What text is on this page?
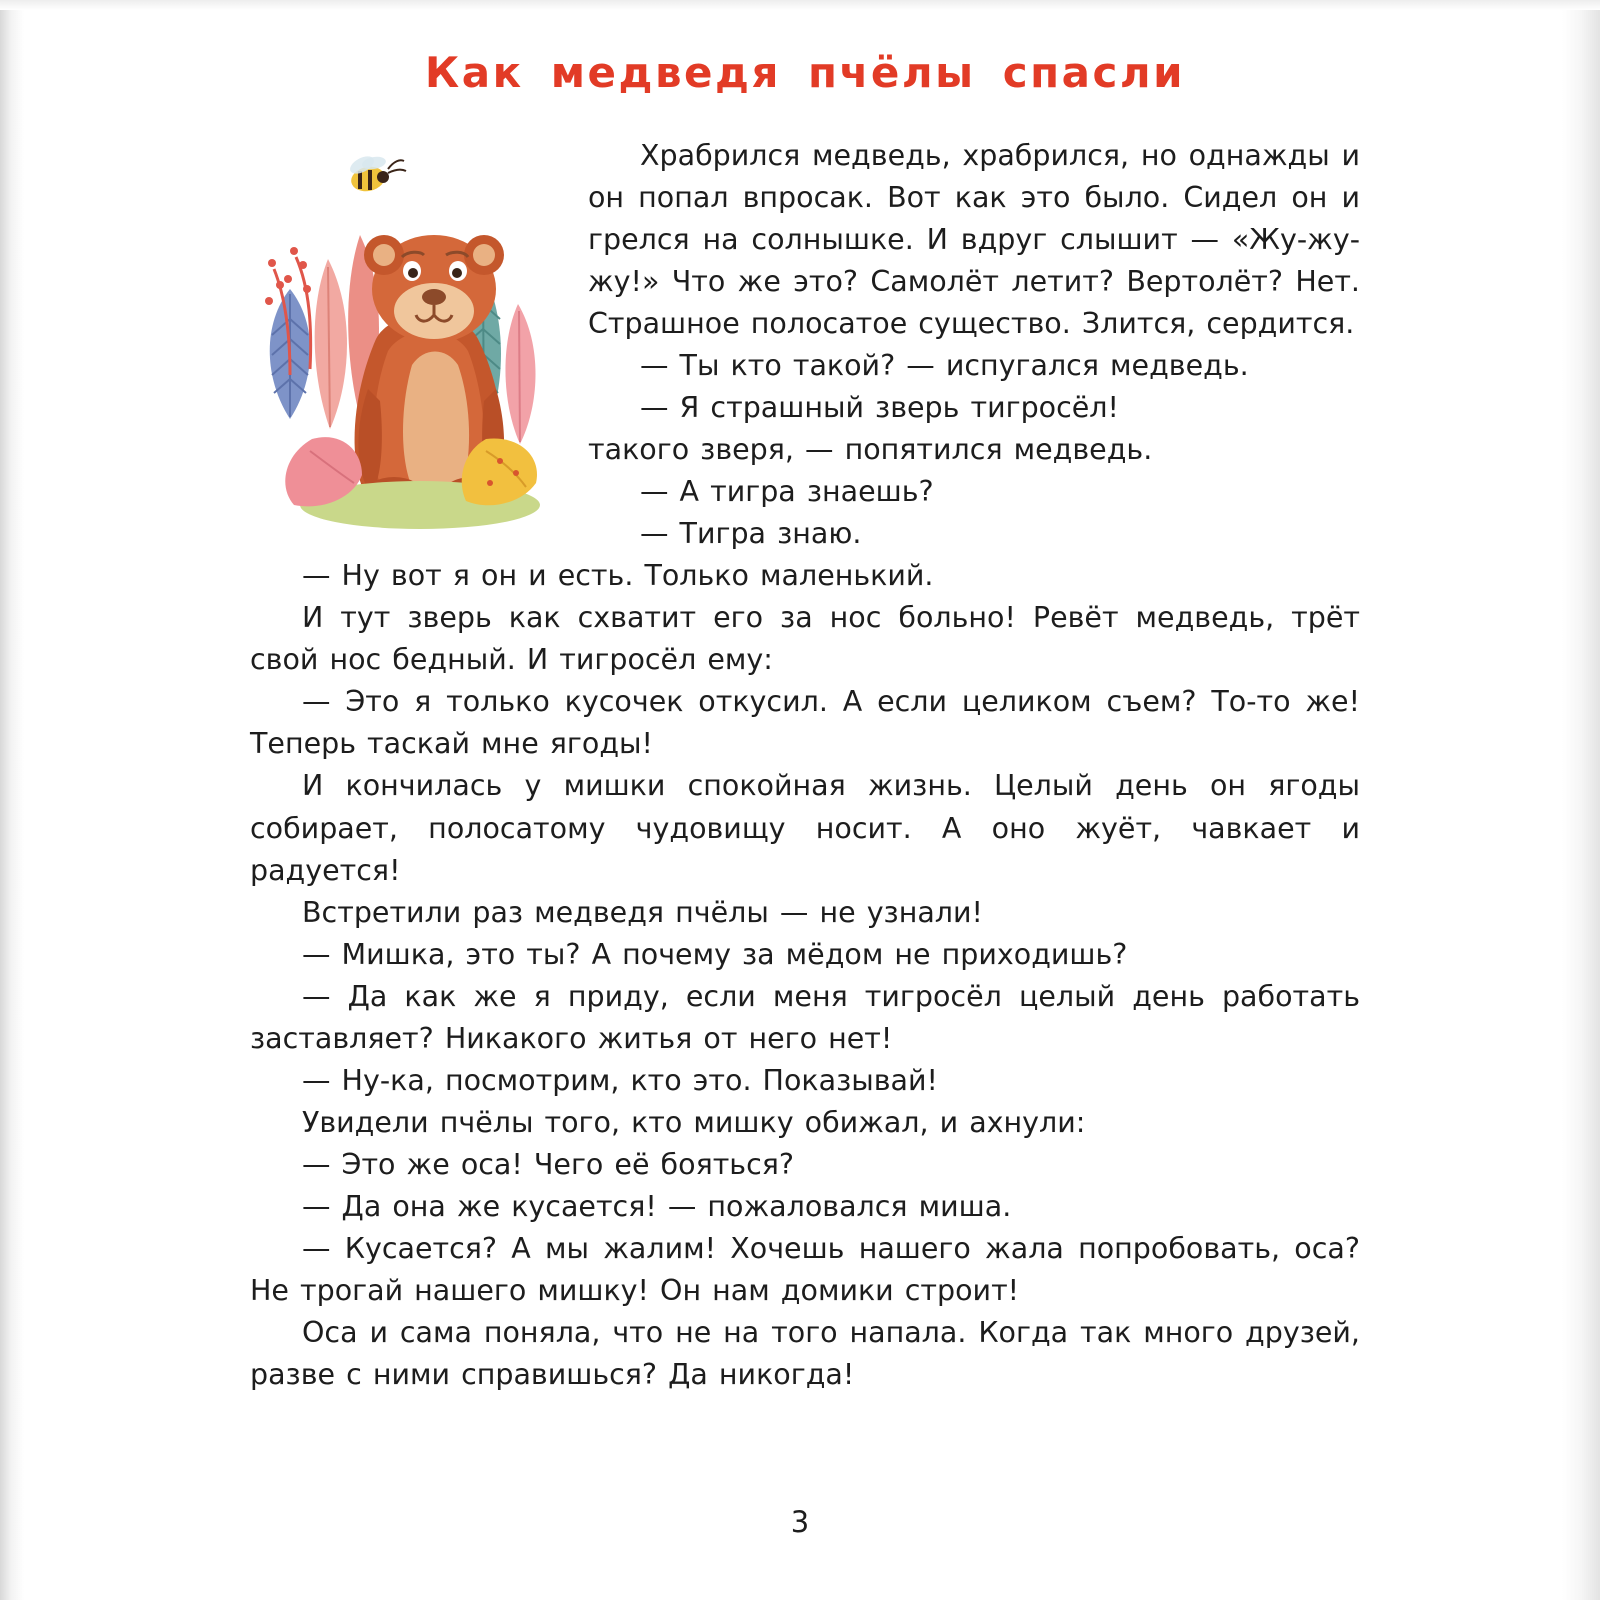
Как медведя пчёлы спасли

Храбрился медведь, храбрился, но однажды и он попал впросак. Вот как это было. Сидел он и грелся на солнышке. И вдруг слышит — «Жу-жу-жу!» Что же это? Самолёт летит? Вертолёт? Нет. Страшное полосатое существо. Злится, сердится.

— Ты кто такой? — испугался медведь.

— Я страшный зверь тигросёл!

такого зверя, — попятился медведь.

— А тигра знаешь?

— Тигра знаю.

— Ну вот я он и есть. Только маленький.

И тут зверь как схватит его за нос больно! Ревёт медведь, трёт свой нос бедный. И тигросёл ему:

— Это я только кусочек откусил. А если целиком съем? То-то же! Теперь таскай мне ягоды!

И кончилась у мишки спокойная жизнь. Целый день он ягоды собирает, полосатому чудовищу носит. А оно жуёт, чавкает и радуется!

Встретили раз медведя пчёлы — не узнали!

— Мишка, это ты? А почему за мёдом не приходишь?

— Да как же я приду, если меня тигросёл целый день работать заставляет? Никакого житья от него нет!

— Ну-ка, посмотрим, кто это. Показывай!

Увидели пчёлы того, кто мишку обижал, и ахнули:

— Это же оса! Чего её бояться?

— Да она же кусается! — пожаловался миша.

— Кусается? А мы жалим! Хочешь нашего жала попробовать, оса? Не трогай нашего мишку! Он нам домики строит!

Оса и сама поняла, что не на того напала. Когда так много друзей, разве с ними справишься? Да никогда!

3
